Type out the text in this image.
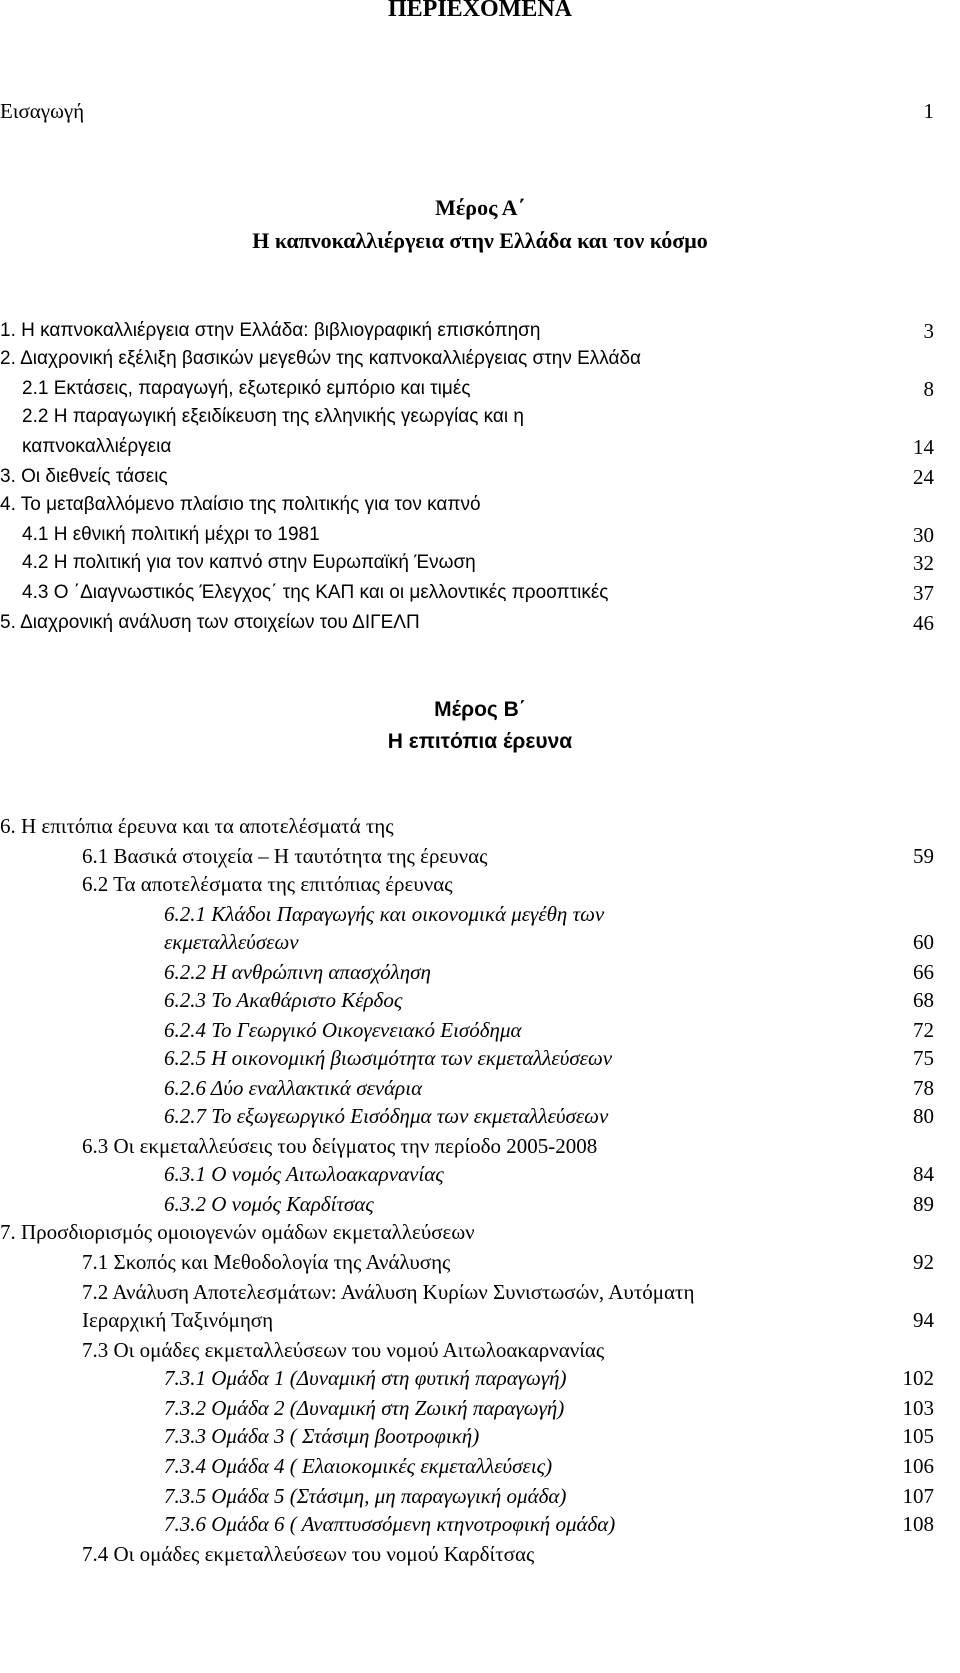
ΠΕΡΙΕΧΟΜΕΝΑ
Εισαγωγή	1
Μέρος Α΄
Η καπνοκαλλιέργεια στην Ελλάδα και τον κόσμο
1. Η καπνοκαλλιέργεια στην Ελλάδα: βιβλιογραφική επισκόπηση	3
2. Διαχρονική εξέλιξη βασικών μεγεθών της καπνοκαλλιέργειας στην Ελλάδα
2.1 Εκτάσεις, παραγωγή, εξωτερικό εμπόριο και τιμές	8
2.2 Η παραγωγική εξειδίκευση της ελληνικής γεωργίας και η
καπνοκαλλιέργεια	14
3. Οι διεθνείς τάσεις	24
4. Το μεταβαλλόμενο πλαίσιο της πολιτικής για τον καπνό
4.1 Η εθνική πολιτική μέχρι το 1981	30
4.2 Η πολιτική για τον καπνό στην Ευρωπαϊκή Ένωση	32
4.3 Ο ΄Διαγνωστικός Έλεγχος΄ της ΚΑΠ και οι μελλοντικές προοπτικές	37
5. Διαχρονική ανάλυση των στοιχείων του ΔΙΓΕΛΠ	46
Μέρος Β΄
Η επιτόπια έρευνα
6. Η επιτόπια έρευνα και τα αποτελέσματά της
6.1 Βασικά στοιχεία – Η ταυτότητα της έρευνας	59
6.2 Τα αποτελέσματα της επιτόπιας έρευνας
6.2.1 Κλάδοι Παραγωγής και οικονομικά μεγέθη των
εκμεταλλεύσεων	60
6.2.2 Η ανθρώπινη απασχόληση	66
6.2.3 Το Ακαθάριστο Κέρδος	68
6.2.4 Το Γεωργικό Οικογενειακό Εισόδημα	72
6.2.5 Η οικονομική βιωσιμότητα των εκμεταλλεύσεων	75
6.2.6 Δύο εναλλακτικά σενάρια	78
6.2.7 Το εξωγεωργικό Εισόδημα των εκμεταλλεύσεων	80
6.3 Οι εκμεταλλεύσεις του δείγματος την περίοδο 2005-2008
6.3.1 Ο νομός Αιτωλοακαρνανίας	84
6.3.2 Ο νομός Καρδίτσας	89
7. Προσδιορισμός ομοιογενών ομάδων εκμεταλλεύσεων
7.1 Σκοπός και Μεθοδολογία της Ανάλυσης	92
7.2 Ανάλυση Αποτελεσμάτων: Ανάλυση Κυρίων Συνιστωσών, Αυτόματη
Ιεραρχική Ταξινόμηση	94
7.3 Οι ομάδες εκμεταλλεύσεων του νομού Αιτωλοακαρνανίας
7.3.1 Ομάδα 1 (Δυναμική στη φυτική παραγωγή)	102
7.3.2 Ομάδα 2 (Δυναμική στη Ζωική παραγωγή)	103
7.3.3 Ομάδα 3 ( Στάσιμη βοοτροφική)	105
7.3.4 Ομάδα 4 ( Ελαιοκομικές εκμεταλλεύσεις)	106
7.3.5 Ομάδα 5 (Στάσιμη, μη παραγωγική ομάδα)	107
7.3.6 Ομάδα 6 ( Αναπτυσσόμενη κτηνοτροφική ομάδα)	108
7.4 Οι ομάδες εκμεταλλεύσεων του νομού Καρδίτσας
